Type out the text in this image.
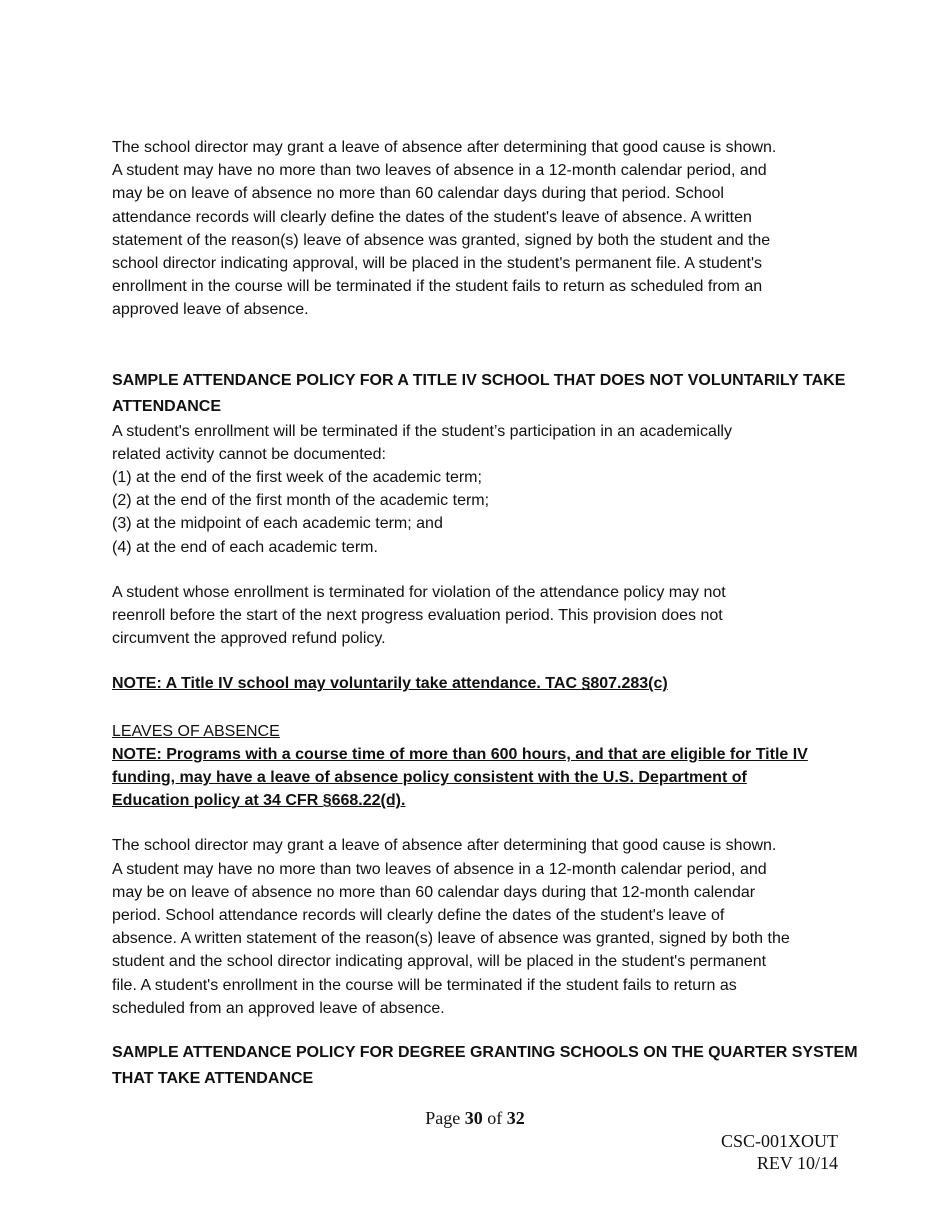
The school director may grant a leave of absence after determining that good cause is shown.
A student may have no more than two leaves of absence in a 12-month calendar period, and
may be on leave of absence no more than 60 calendar days during that period. School
attendance records will clearly define the dates of the student's leave of absence. A written
statement of the reason(s) leave of absence was granted, signed by both the student and the
school director indicating approval, will be placed in the student's permanent file. A student's
enrollment in the course will be terminated if the student fails to return as scheduled from an
approved leave of absence.

SAMPLE ATTENDANCE POLICY FOR A TITLE IV SCHOOL THAT DOES NOT VOLUNTARILY TAKE
ATTENDANCE

A student's enrollment will be terminated if the student’s participation in an academically
related activity cannot be documented:

(1) at the end of the first week of the academic term;
(2) at the end of the first month of the academic term;
(3) at the midpoint of each academic term; and
(4) at the end of each academic term.

A student whose enrollment is terminated for violation of the attendance policy may not
reenroll before the start of the next progress evaluation period. This provision does not
circumvent the approved refund policy.

NOTE: A Title IV school may voluntarily take attendance. TAC §807.283(c)

LEAVES OF ABSENCE

NOTE: Programs with a course time of more than 600 hours, and that are eligible for Title IV
funding, may have a leave of absence policy consistent with the U.S. Department of
Education policy at 34 CFR §668.22(d).

The school director may grant a leave of absence after determining that good cause is shown.
A student may have no more than two leaves of absence in a 12-month calendar period, and
may be on leave of absence no more than 60 calendar days during that 12-month calendar
period. School attendance records will clearly define the dates of the student's leave of
absence. A written statement of the reason(s) leave of absence was granted, signed by both the
student and the school director indicating approval, will be placed in the student's permanent
file. A student's enrollment in the course will be terminated if the student fails to return as
scheduled from an approved leave of absence.

SAMPLE ATTENDANCE POLICY FOR DEGREE GRANTING SCHOOLS ON THE QUARTER SYSTEM
THAT TAKE ATTENDANCE

Page 30 of 32
CSC-001XOUT
REV 10/14
